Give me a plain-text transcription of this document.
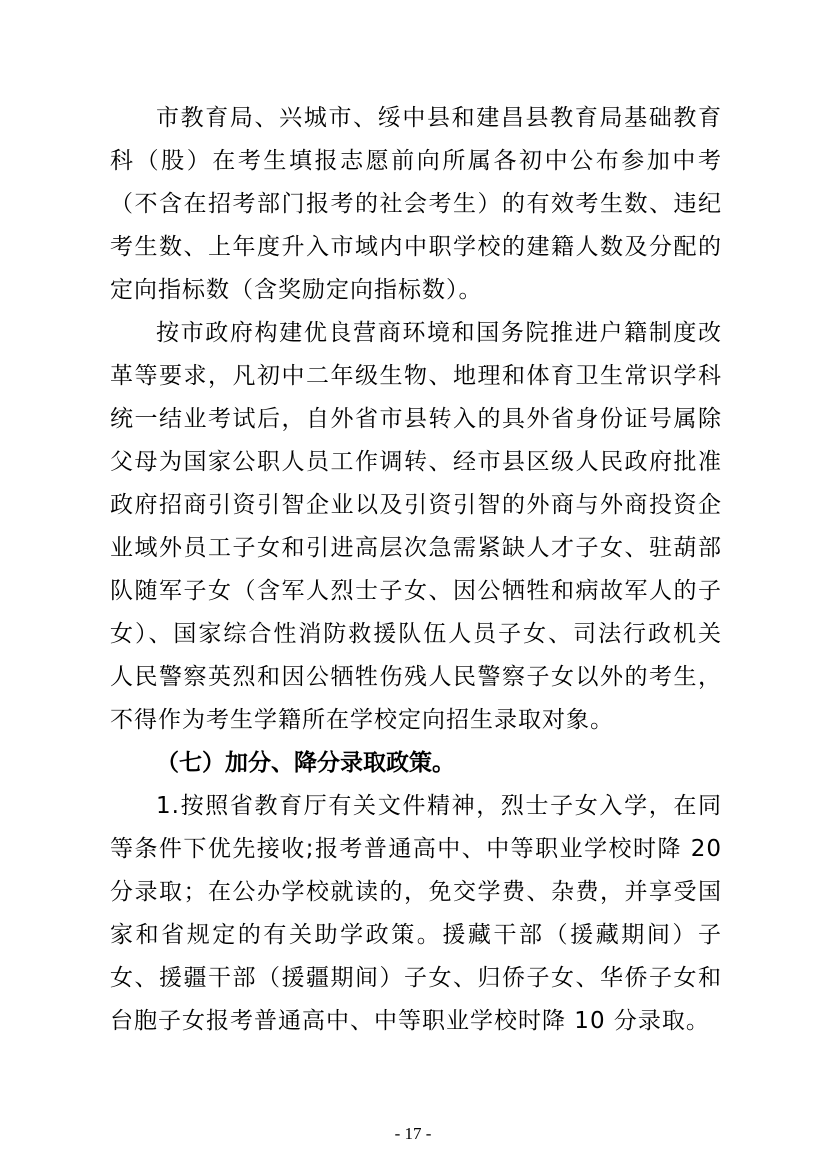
市教育局、兴城市、绥中县和建昌县教育局基础教育科（股）在考生填报志愿前向所属各初中公布参加中考（不含在招考部门报考的社会考生）的有效考生数、违纪考生数、上年度升入市域内中职学校的建籍人数及分配的定向指标数（含奖励定向指标数）。

按市政府构建优良营商环境和国务院推进户籍制度改革等要求，凡初中二年级生物、地理和体育卫生常识学科统一结业考试后，自外省市县转入的具外省身份证号属除父母为国家公职人员工作调转、经市县区级人民政府批准政府招商引资引智企业以及引资引智的外商与外商投资企业域外员工子女和引进高层次急需紧缺人才子女、驻葫部队随军子女（含军人烈士子女、因公牺牲和病故军人的子女）、国家综合性消防救援队伍人员子女、司法行政机关人民警察英烈和因公牺牲伤残人民警察子女以外的考生，不得作为考生学籍所在学校定向招生录取对象。

（七）加分、降分录取政策。

1.按照省教育厅有关文件精神，烈士子女入学，在同等条件下优先接收;报考普通高中、中等职业学校时降 20 分录取；在公办学校就读的，免交学费、杂费，并享受国家和省规定的有关助学政策。援藏干部（援藏期间）子女、援疆干部（援疆期间）子女、归侨子女、华侨子女和台胞子女报考普通高中、中等职业学校时降 10 分录取。

- 17 -
